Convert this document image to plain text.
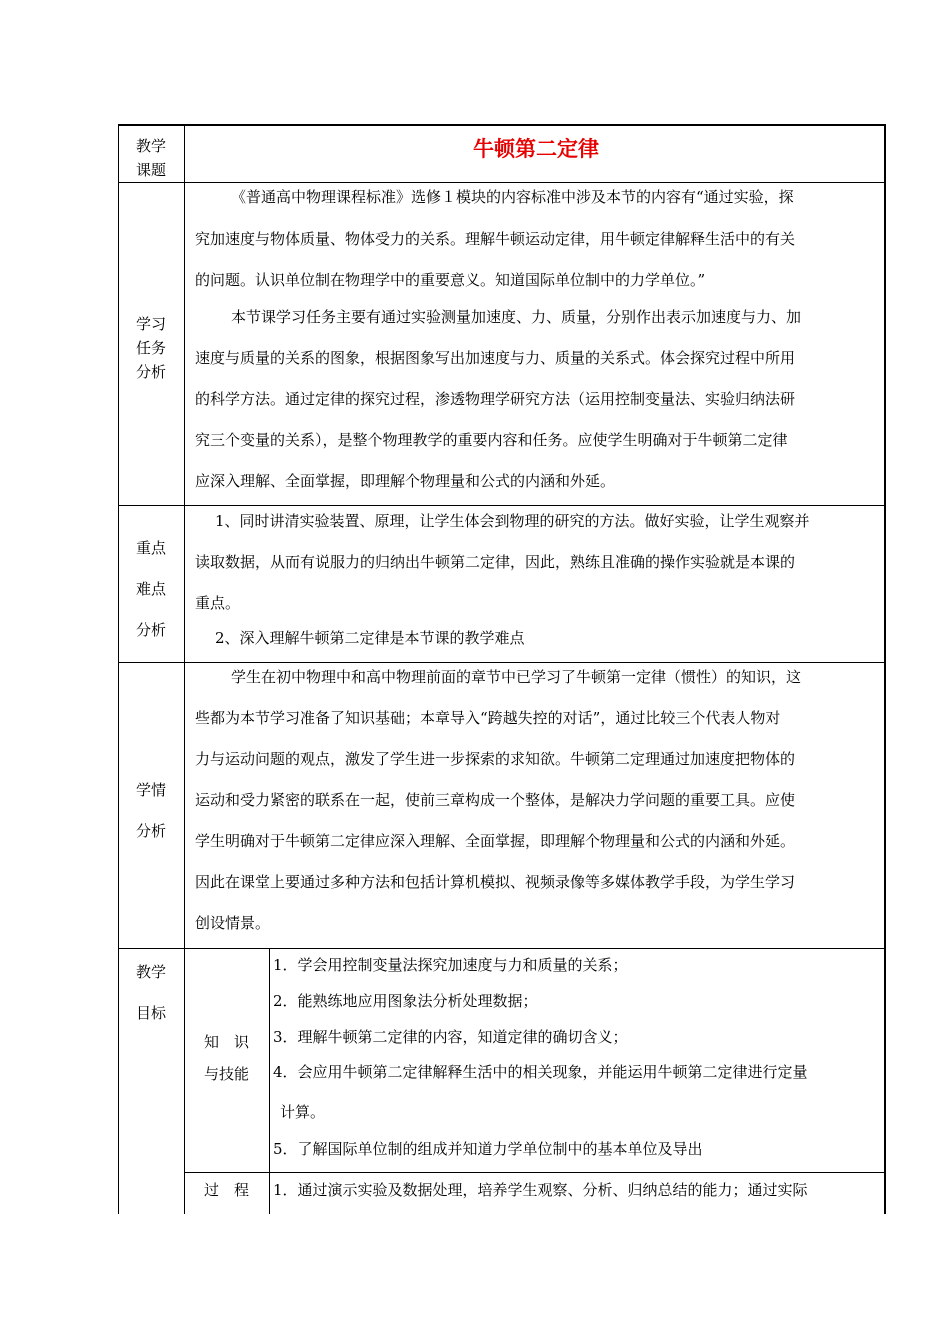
教学
课题
牛顿第二定律
学习
任务
分析
《普通高中物理课程标准》选修１模块的内容标准中涉及本节的内容有“通过实验，探
究加速度与物体质量、物体受力的关系。理解牛顿运动定律，用牛顿定律解释生活中的有关
的问题。认识单位制在物理学中的重要意义。知道国际单位制中的力学单位。”
本节课学习任务主要有通过实验测量加速度、力、质量，分别作出表示加速度与力、加
速度与质量的关系的图象，根据图象写出加速度与力、质量的关系式。体会探究过程中所用
的科学方法。通过定律的探究过程，渗透物理学研究方法（运用控制变量法、实验归纳法研
究三个变量的关系），是整个物理教学的重要内容和任务。应使学生明确对于牛顿第二定律
应深入理解、全面掌握，即理解个物理量和公式的内涵和外延。
重点
难点
分析
1、同时讲清实验装置、原理，让学生体会到物理的研究的方法。做好实验，让学生观察并
读取数据，从而有说服力的归纳出牛顿第二定律，因此，熟练且准确的操作实验就是本课的
重点。
2、深入理解牛顿第二定律是本节课的教学难点
学情
分析
学生在初中物理中和高中物理前面的章节中已学习了牛顿第一定律（惯性）的知识，这
些都为本节学习准备了知识基础；本章导入“跨越失控的对话”，通过比较三个代表人物对
力与运动问题的观点，激发了学生进一步探索的求知欲。牛顿第二定理通过加速度把物体的
运动和受力紧密的联系在一起，使前三章构成一个整体，是解决力学问题的重要工具。应使
学生明确对于牛顿第二定律应深入理解、全面掌握，即理解个物理量和公式的内涵和外延。
因此在课堂上要通过多种方法和包括计算机模拟、视频录像等多媒体教学手段，为学生学习
创设情景。
教学
目标
知　识
与技能
1．学会用控制变量法探究加速度与力和质量的关系；
2．能熟练地应用图象法分析处理数据；
3．理解牛顿第二定律的内容，知道定律的确切含义；
4．会应用牛顿第二定律解释生活中的相关现象，并能运用牛顿第二定律进行定量
计算。
5．了解国际单位制的组成并知道力学单位制中的基本单位及导出
过　程	1．通过演示实验及数据处理，培养学生观察、分析、归纳总结的能力；通过实际
